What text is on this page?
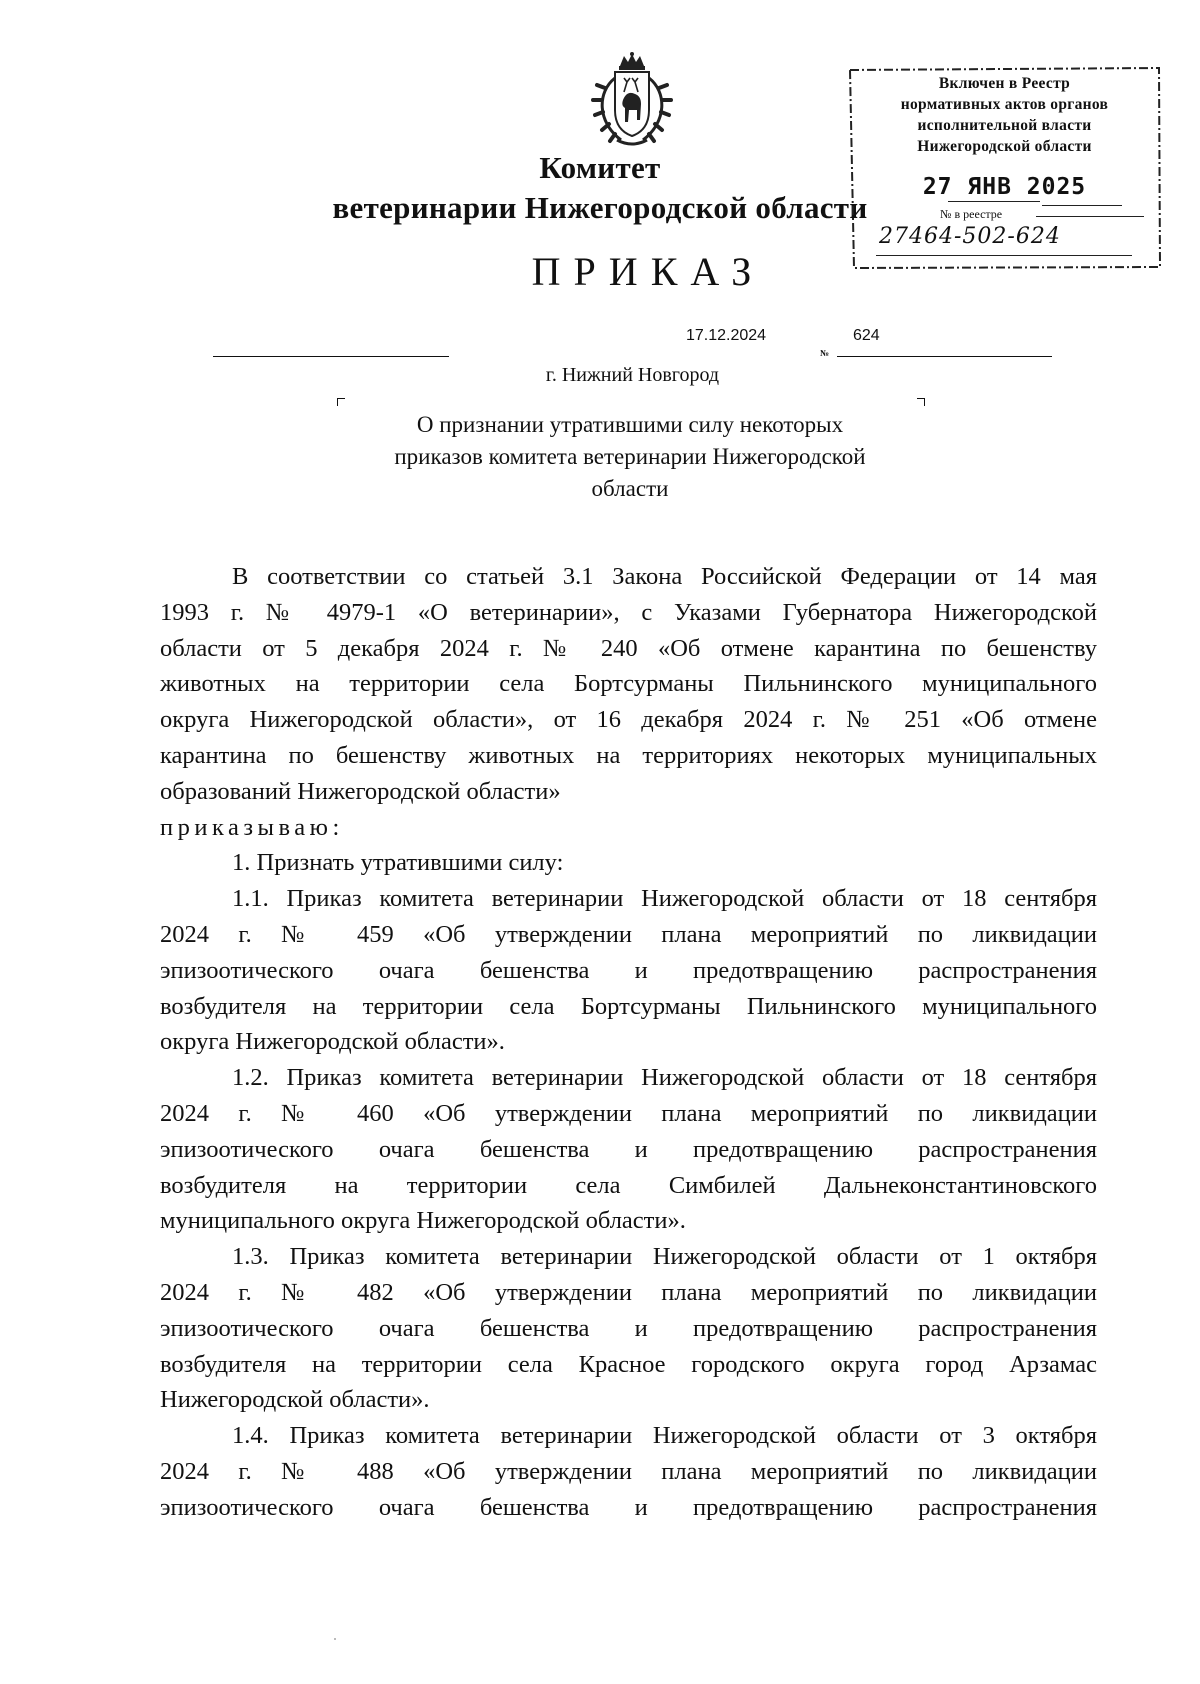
Комитет
ветеринарии Нижегородской области
ПРИКАЗ
Включен в Реестр
нормативных актов органов
исполнительной власти
Нижегородской области
27 ЯНВ 2025
№ в реестре
27464-502-624
17.12.2024	624
№
г. Нижний Новгород
О признании утратившими силу некоторых
приказов комитета ветеринарии Нижегородской
области

В соответствии со статьей 3.1 Закона Российской Федерации от 14 мая

1993 г. № 4979-1 «О ветеринарии», с Указами Губернатора Нижегородской

области от 5 декабря 2024 г. № 240 «Об отмене карантина по бешенству

животных на территории села Бортсурманы Пильнинского муниципального

округа Нижегородской области», от 16 декабря 2024 г. № 251 «Об отмене

карантина по бешенству животных на территориях некоторых муниципальных

образований Нижегородской области»

приказываю:

1. Признать утратившими силу:

1.1. Приказ комитета ветеринарии Нижегородской области от 18 сентября

2024 г. № 459 «Об утверждении плана мероприятий по ликвидации

эпизоотического очага бешенства и предотвращению распространения

возбудителя на территории села Бортсурманы Пильнинского муниципального

округа Нижегородской области».

1.2. Приказ комитета ветеринарии Нижегородской области от 18 сентября

2024 г. № 460 «Об утверждении плана мероприятий по ликвидации

эпизоотического очага бешенства и предотвращению распространения

возбудителя на территории села Симбилей Дальнеконстантиновского

муниципального округа Нижегородской области».

1.3. Приказ комитета ветеринарии Нижегородской области от 1 октября

2024 г. № 482 «Об утверждении плана мероприятий по ликвидации

эпизоотического очага бешенства и предотвращению распространения

возбудителя на территории села Красное городского округа город Арзамас

Нижегородской области».

1.4. Приказ комитета ветеринарии Нижегородской области от 3 октября

2024 г. № 488 «Об утверждении плана мероприятий по ликвидации

эпизоотического очага бешенства и предотвращению распространения
